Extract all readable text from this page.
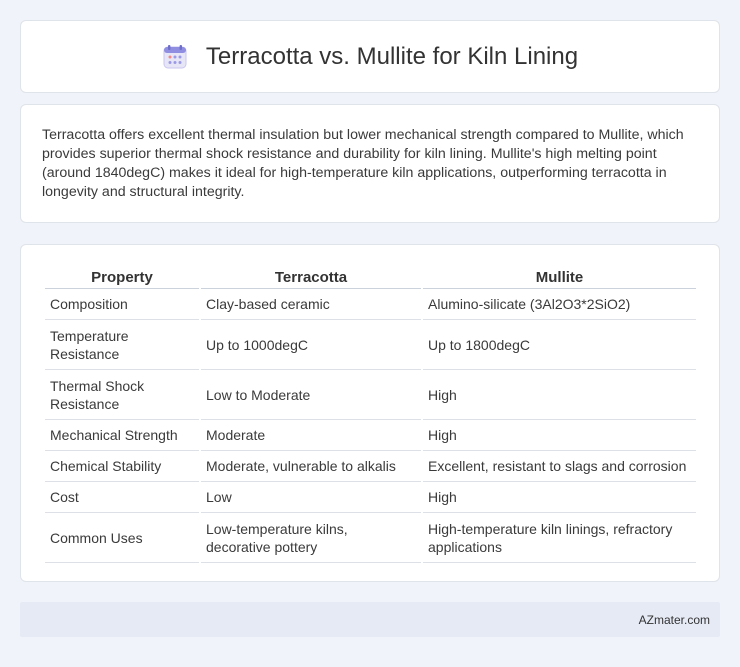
Terracotta vs. Mullite for Kiln Lining

Terracotta offers excellent thermal insulation but lower mechanical strength compared to Mullite, which provides superior thermal shock resistance and durability for kiln lining. Mullite's high melting point (around 1840degC) makes it ideal for high-temperature kiln applications, outperforming terracotta in longevity and structural integrity.

Property	Terracotta	Mullite
Composition	Clay-based ceramic	Alumino-silicate (3Al2O3*2SiO2)
Temperature Resistance	Up to 1000degC	Up to 1800degC
Thermal Shock Resistance	Low to Moderate	High
Mechanical Strength	Moderate	High
Chemical Stability	Moderate, vulnerable to alkalis	Excellent, resistant to slags and corrosion
Cost	Low	High
Common Uses	Low-temperature kilns, decorative pottery	High-temperature kiln linings, refractory applications
AZmater.com
